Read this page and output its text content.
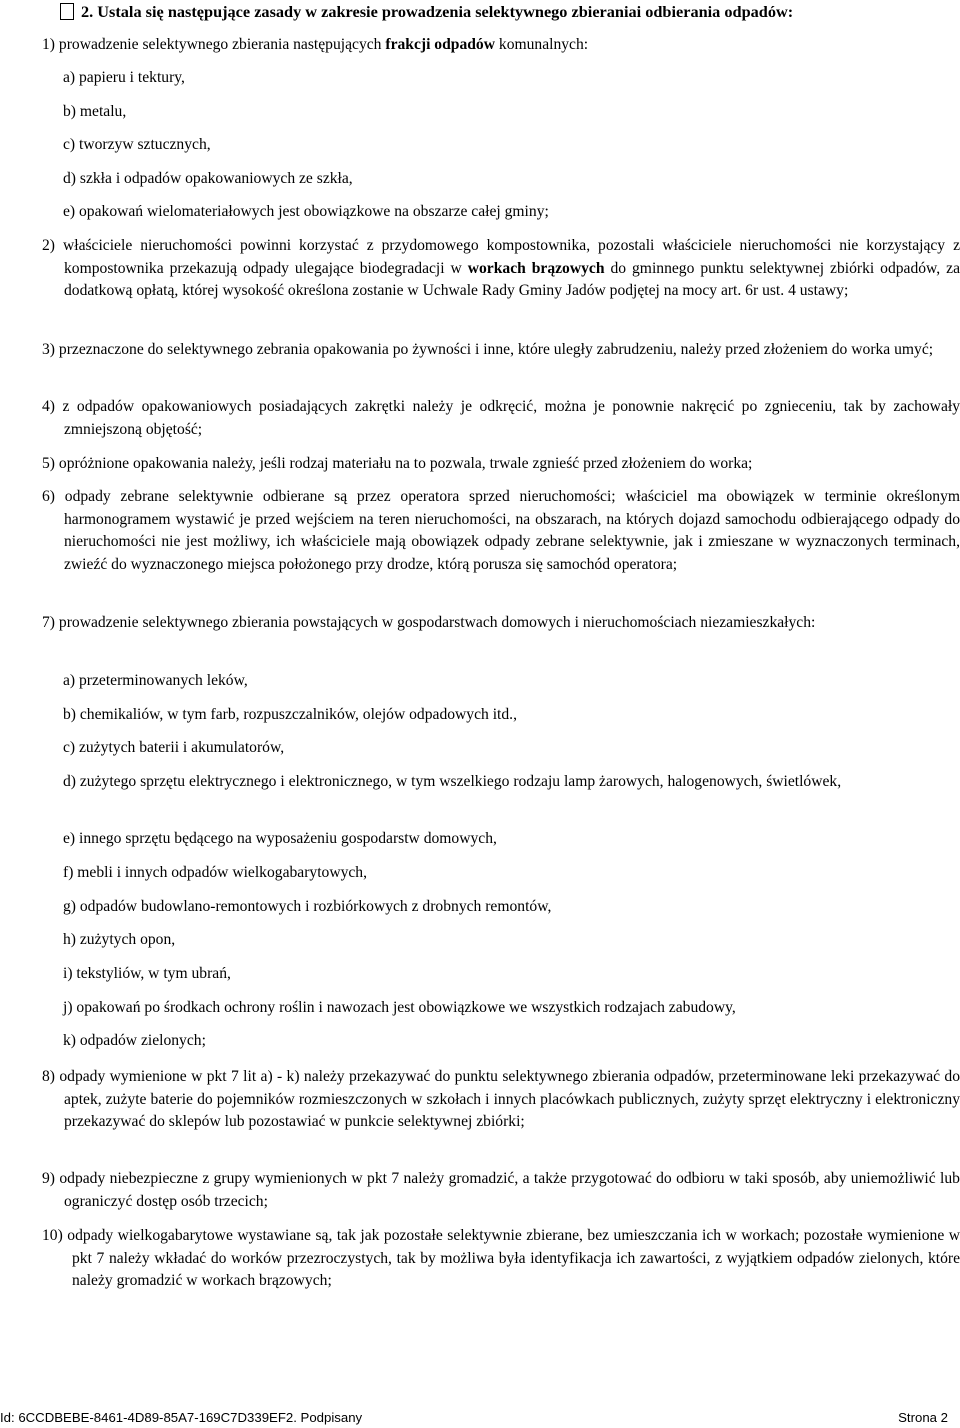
2. Ustala się następujące zasady w zakresie prowadzenia selektywnego zbieraniai odbierania odpadów:
1) prowadzenie selektywnego zbierania następujących frakcji odpadów komunalnych:
a) papieru i tektury,
b) metalu,
c) tworzyw sztucznych,
d) szkła i odpadów opakowaniowych ze szkła,
e) opakowań wielomateriałowych jest obowiązkowe na obszarze całej gminy;
2) właściciele nieruchomości powinni korzystać z przydomowego kompostownika, pozostali właściciele nieruchomości nie korzystający z kompostownika przekazują odpady ulegające biodegradacji w workach brązowych do gminnego punktu selektywnej zbiórki odpadów, za dodatkową opłatą, której wysokość określona zostanie w Uchwale Rady Gminy Jadów podjętej na mocy art. 6r ust. 4 ustawy;
3) przeznaczone do selektywnego zebrania opakowania po żywności i inne, które uległy zabrudzeniu, należy przed złożeniem do worka umyć;
4) z odpadów opakowaniowych posiadających zakrętki należy je odkręcić, można je ponownie nakręcić po zgnieceniu, tak by zachowały zmniejszoną objętość;
5) opróżnione opakowania należy, jeśli rodzaj materiału na to pozwala, trwale zgnieść przed złożeniem do worka;
6) odpady zebrane selektywnie odbierane są przez operatora sprzed nieruchomości; właściciel ma obowiązek w terminie określonym harmonogramem wystawić je przed wejściem na teren nieruchomości, na obszarach, na których dojazd samochodu odbierającego odpady do nieruchomości nie jest możliwy, ich właściciele mają obowiązek odpady zebrane selektywnie, jak i zmieszane w wyznaczonych terminach, zwieźć do wyznaczonego miejsca położonego przy drodze, którą porusza się samochód operatora;
7) prowadzenie selektywnego zbierania powstających w gospodarstwach domowych i nieruchomościach niezamieszkałych:
a) przeterminowanych leków,
b) chemikaliów, w tym farb, rozpuszczalników, olejów odpadowych itd.,
c) zużytych baterii i akumulatorów,
d) zużytego sprzętu elektrycznego i elektronicznego, w tym wszelkiego rodzaju lamp żarowych, halogenowych, świetlówek,
e) innego sprzętu będącego na wyposażeniu gospodarstw domowych,
f) mebli i innych odpadów wielkogabarytowych,
g) odpadów budowlano-remontowych i rozbiórkowych z drobnych remontów,
h) zużytych opon,
i) tekstyliów, w tym ubrań,
j) opakowań po środkach ochrony roślin i nawozach jest obowiązkowe we wszystkich rodzajach zabudowy,
k) odpadów zielonych;
8) odpady wymienione w pkt 7 lit a) - k) należy przekazywać do punktu selektywnego zbierania odpadów, przeterminowane leki przekazywać do aptek, zużyte baterie do pojemników rozmieszczonych w szkołach i innych placówkach publicznych, zużyty sprzęt elektryczny i elektroniczny przekazywać do sklepów lub pozostawiać w punkcie selektywnej zbiórki;
9) odpady niebezpieczne z grupy wymienionych w pkt 7 należy gromadzić, a także przygotować do odbioru w taki sposób, aby uniemożliwić lub ograniczyć dostęp osób trzecich;
10) odpady wielkogabarytowe wystawiane są, tak jak pozostałe selektywnie zbierane, bez umieszczania ich w workach; pozostałe wymienione w pkt 7 należy wkładać do worków przezroczystych, tak by możliwa była identyfikacja ich zawartości, z wyjątkiem odpadów zielonych, które należy gromadzić w workach brązowych;
Id: 6CCDBEBE-8461-4D89-85A7-169C7D339EF2. Podpisany	Strona 2
